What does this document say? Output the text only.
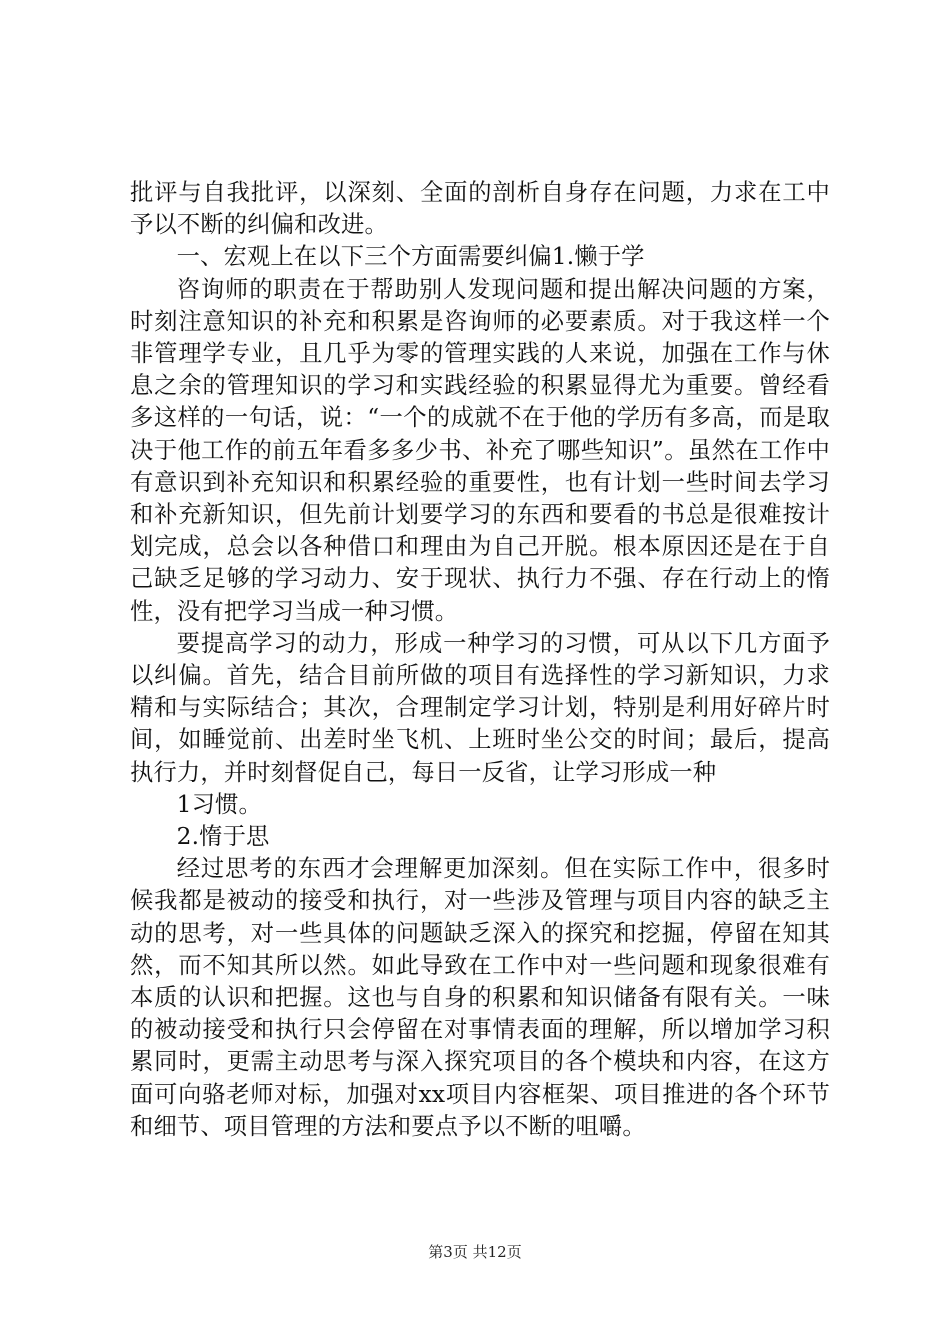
批评与自我批评，以深刻、全面的剖析自身存在问题，力求在工中予以不断的纠偏和改进。

一、宏观上在以下三个方面需要纠偏1.懒于学

咨询师的职责在于帮助别人发现问题和提出解决问题的方案，时刻注意知识的补充和积累是咨询师的必要素质。对于我这样一个非管理学专业，且几乎为零的管理实践的人来说，加强在工作与休息之余的管理知识的学习和实践经验的积累显得尤为重要。曾经看多这样的一句话，说：“一个的成就不在于他的学历有多高，而是取决于他工作的前五年看多多少书、补充了哪些知识”。虽然在工作中有意识到补充知识和积累经验的重要性，也有计划一些时间去学习和补充新知识，但先前计划要学习的东西和要看的书总是很难按计划完成，总会以各种借口和理由为自己开脱。根本原因还是在于自己缺乏足够的学习动力、安于现状、执行力不强、存在行动上的惰性，没有把学习当成一种习惯。

要提高学习的动力，形成一种学习的习惯，可从以下几方面予以纠偏。首先，结合目前所做的项目有选择性的学习新知识，力求精和与实际结合；其次，合理制定学习计划，特别是利用好碎片时间，如睡觉前、出差时坐飞机、上班时坐公交的时间；最后，提高执行力，并时刻督促自己，每日一反省，让学习形成一种

1习惯。

2.惰于思

经过思考的东西才会理解更加深刻。但在实际工作中，很多时候我都是被动的接受和执行，对一些涉及管理与项目内容的缺乏主动的思考，对一些具体的问题缺乏深入的探究和挖掘，停留在知其然，而不知其所以然。如此导致在工作中对一些问题和现象很难有本质的认识和把握。这也与自身的积累和知识储备有限有关。一味的被动接受和执行只会停留在对事情表面的理解，所以增加学习积累同时，更需主动思考与深入探究项目的各个模块和内容，在这方面可向骆老师对标，加强对xx项目内容框架、项目推进的各个环节和细节、项目管理的方法和要点予以不断的咀嚼。

第3页 共12页
